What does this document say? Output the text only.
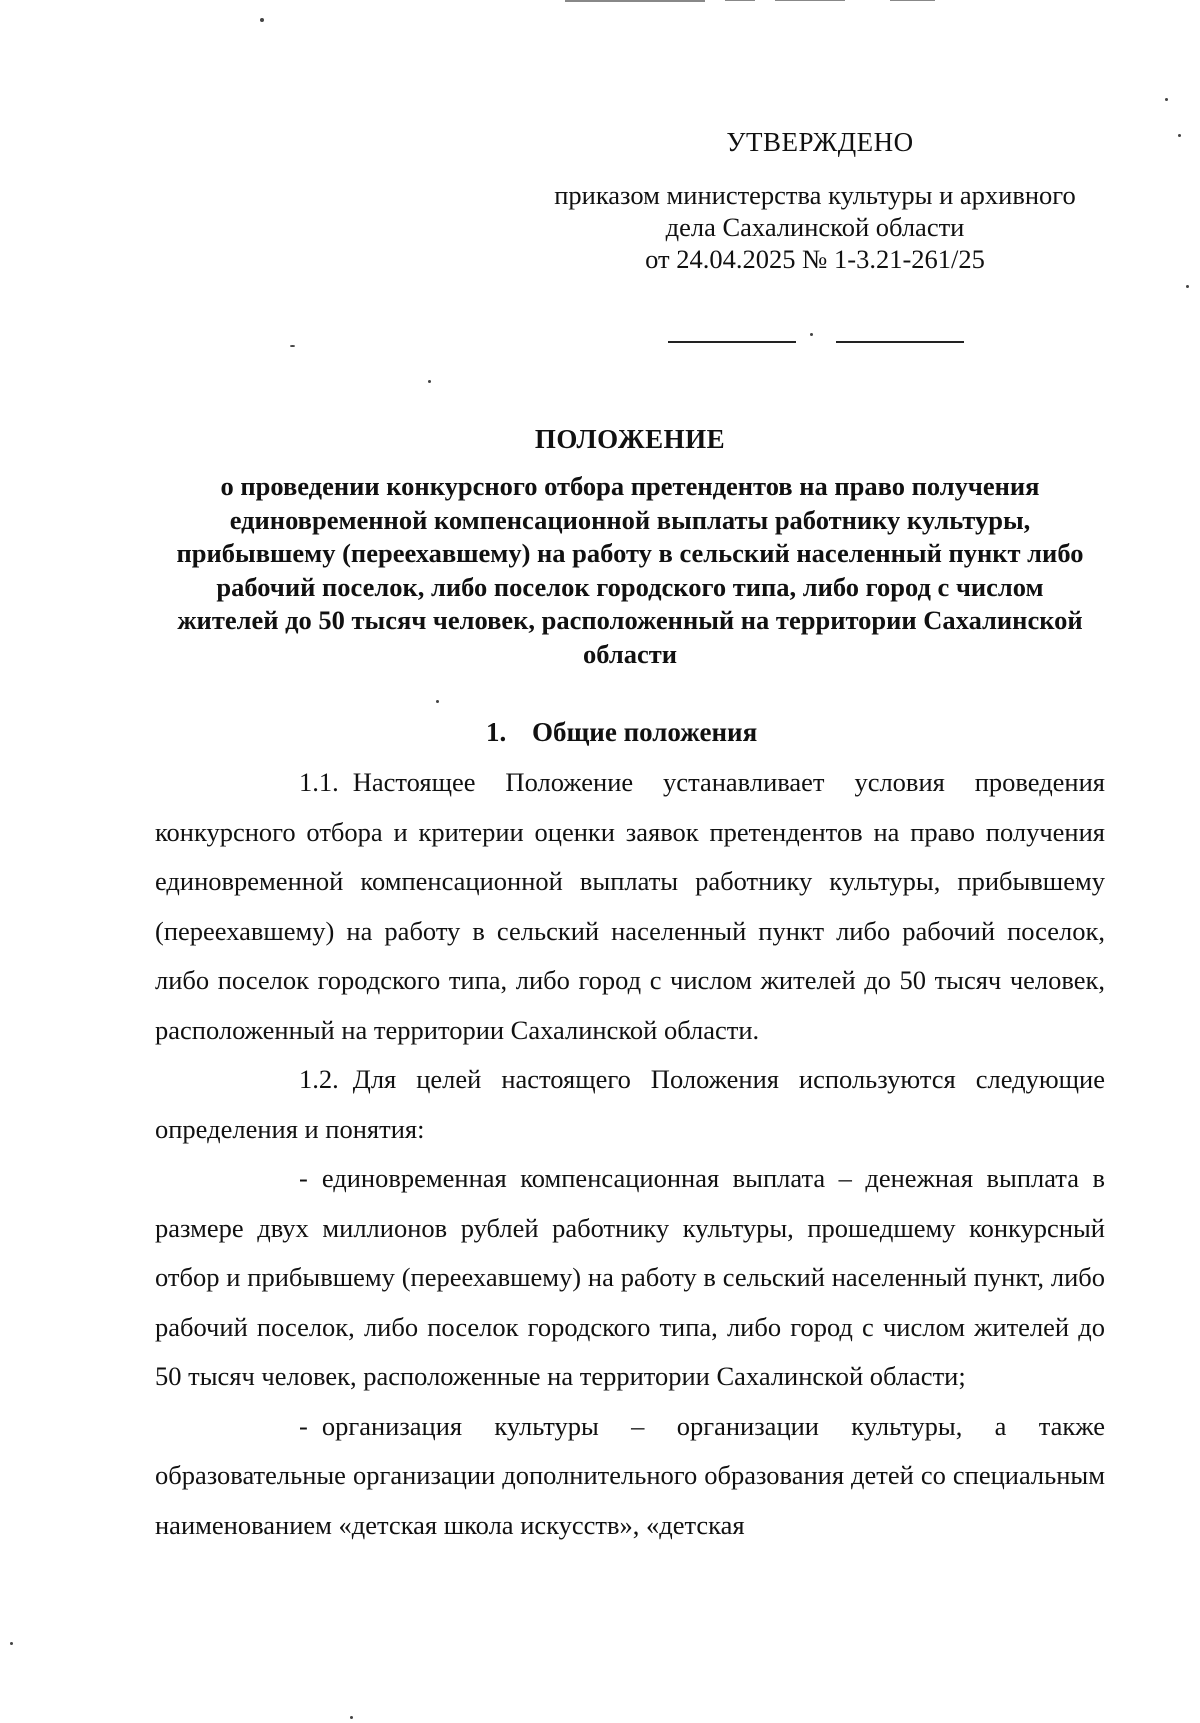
УТВЕРЖДЕНО
приказом министерства культуры и архивного
дела Сахалинской области
от 24.04.2025 № 1-3.21-261/25
ПОЛОЖЕНИЕ
о проведении конкурсного отбора претендентов на право получения единовременной компенсационной выплаты работнику культуры, прибывшему (переехавшему) на работу в сельский населенный пункт либо рабочий поселок, либо поселок городского типа, либо город с числом жителей до 50 тысяч человек, расположенный на территории Сахалинской области
1. Общие положения

1.1. Настоящее Положение устанавливает условия проведения конкурсного отбора и критерии оценки заявок претендентов на право получения единовременной компенсационной выплаты работнику культуры, прибывшему (переехавшему) на работу в сельский населенный пункт либо рабочий поселок, либо поселок городского типа, либо город с числом жителей до 50 тысяч человек, расположенный на территории Сахалинской области.

1.2. Для целей настоящего Положения используются следующие определения и понятия:

- единовременная компенсационная выплата – денежная выплата в размере двух миллионов рублей работнику культуры, прошедшему конкурсный отбор и прибывшему (переехавшему) на работу в сельский населенный пункт, либо рабочий поселок, либо поселок городского типа, либо город с числом жителей до 50 тысяч человек, расположенные на территории Сахалинской области;

- организация культуры – организации культуры, а также образовательные организации дополнительного образования детей со специальным наименованием «детская школа искусств», «детская
